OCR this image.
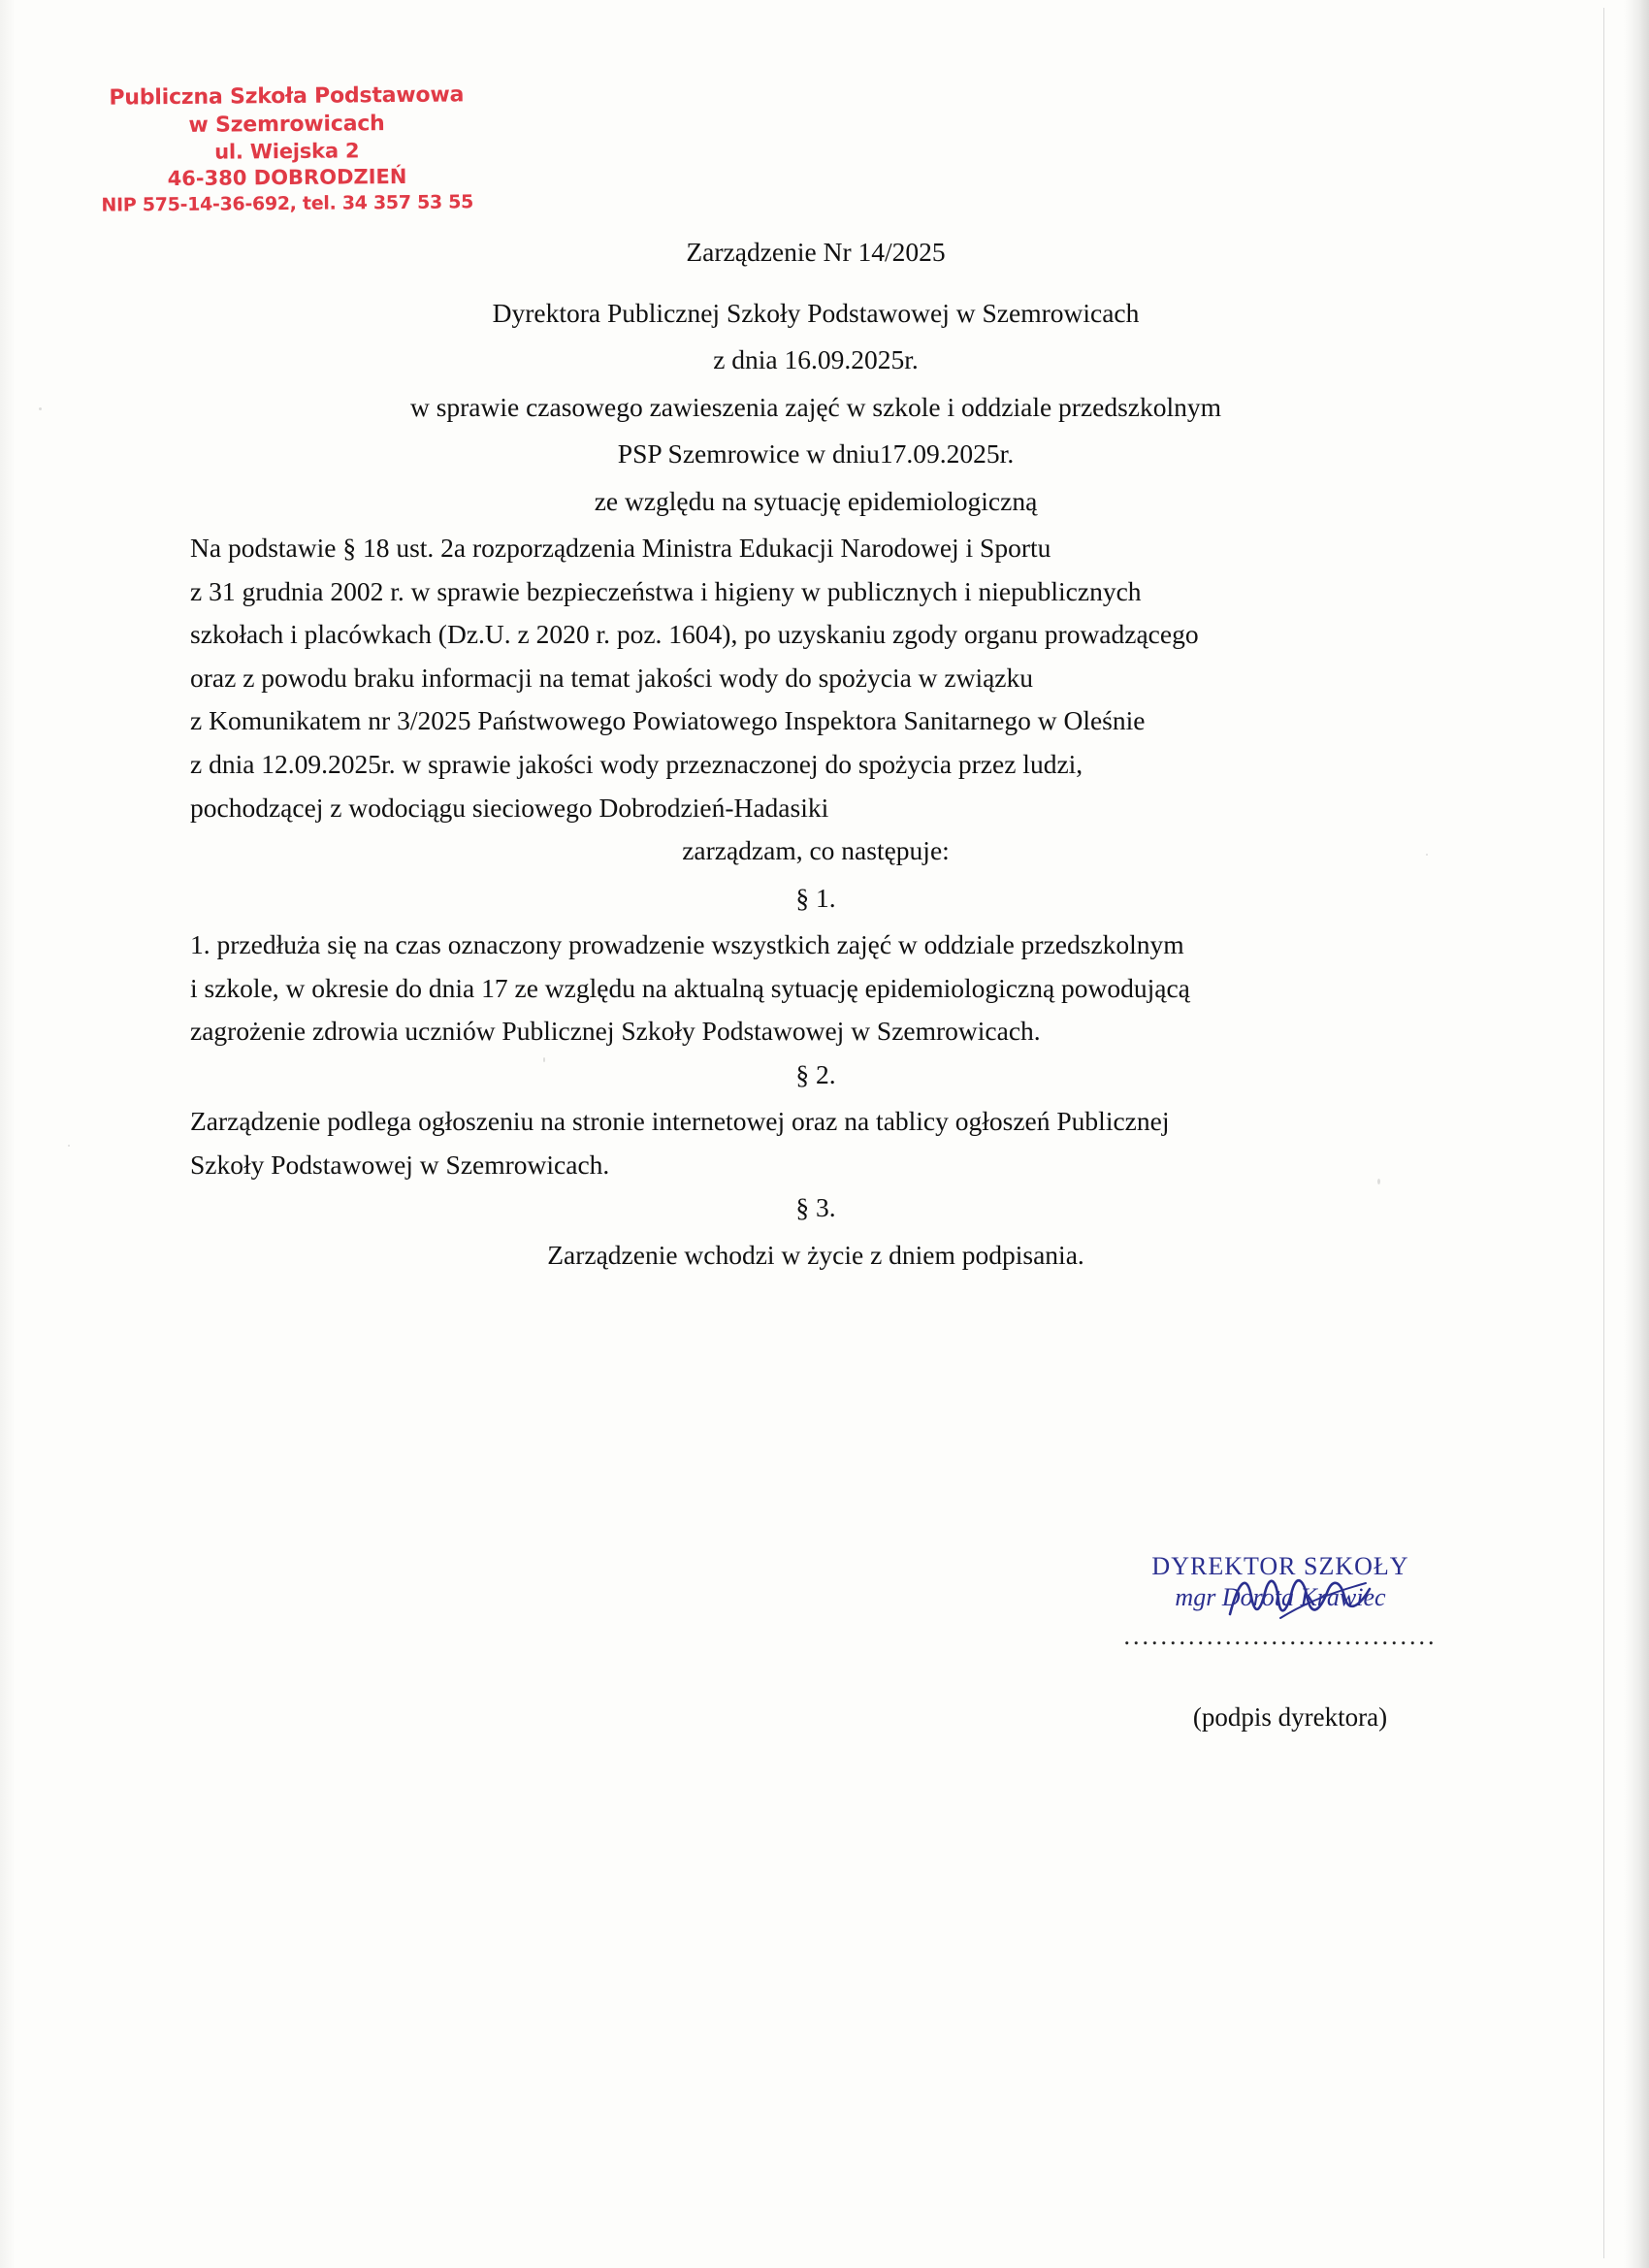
Publiczna Szkoła Podstawowa
w Szemrowicach
ul. Wiejska 2
46-380 DOBRODZIEŃ
NIP 575-14-36-692, tel. 34 357 53 55

Zarządzenie Nr 14/2025

Dyrektora Publicznej Szkoły Podstawowej w Szemrowicach

z dnia 16.09.2025r.

w sprawie czasowego zawieszenia zajęć w szkole i oddziale przedszkolnym

PSP Szemrowice w dniu17.09.2025r.

ze względu na sytuację epidemiologiczną

Na podstawie § 18 ust. 2a rozporządzenia Ministra Edukacji Narodowej i Sportu
z 31 grudnia 2002 r. w sprawie bezpieczeństwa i higieny w publicznych i niepublicznych
szkołach i placówkach (Dz.U. z 2020 r. poz. 1604), po uzyskaniu zgody organu prowadzącego
oraz z powodu braku informacji na temat jakości wody do spożycia w związku
z Komunikatem nr 3/2025 Państwowego Powiatowego Inspektora Sanitarnego w Oleśnie
z dnia 12.09.2025r. w sprawie jakości wody przeznaczonej do spożycia przez ludzi,
pochodzącej z wodociągu sieciowego Dobrodzień-Hadasiki

zarządzam, co następuje:

§ 1.

1. przedłuża się na czas oznaczony prowadzenie wszystkich zajęć w oddziale przedszkolnym
i szkole, w okresie do dnia 17 ze względu na aktualną sytuację epidemiologiczną powodującą
zagrożenie zdrowia uczniów Publicznej Szkoły Podstawowej w Szemrowicach.

§ 2.

Zarządzenie podlega ogłoszeniu na stronie internetowej oraz na tablicy ogłoszeń Publicznej
Szkoły Podstawowej w Szemrowicach.

§ 3.

Zarządzenie wchodzi w życie z dniem podpisania.
DYREKTOR SZKOŁY
mgr Dorota Krawiec
..................................
(podpis dyrektora)
